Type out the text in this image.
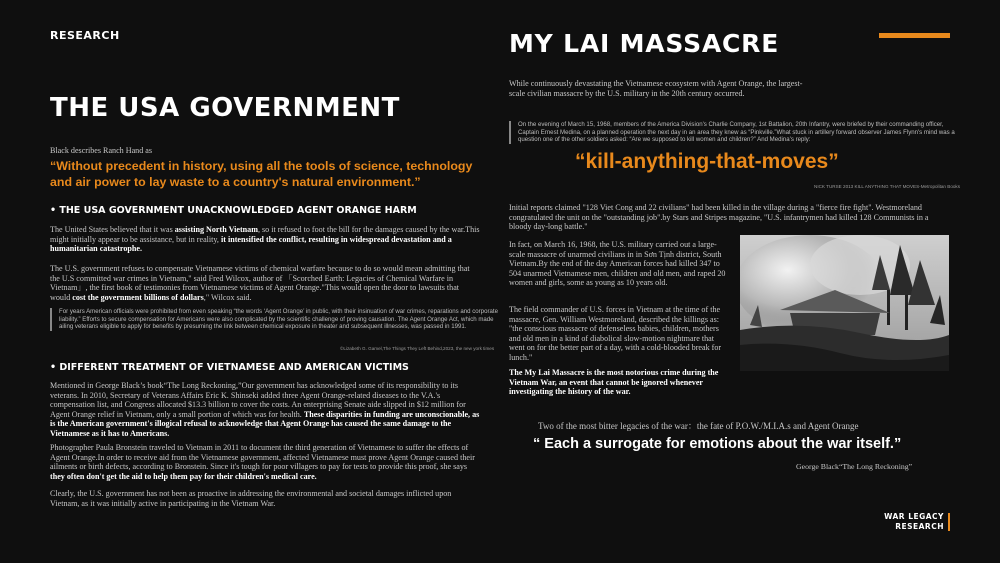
RESEARCH	MY LAI MASSACRE
THE USA GOVERNMENT
Black describes Ranch Hand as
“Without precedent in history, using all the tools of science, technology and air power to lay waste to a country's natural environment.”
• THE USA GOVERNMENT UNACKNOWLEDGED AGENT ORANGE HARM
The United States believed that it was assisting North Vietnam, so it refused to foot the bill for the damages caused by the war.This might initially appear to be assistance, but in reality, it intensified the conflict, resulting in widespread devastation and a humanitarian catastrophe.
The U.S. government refuses to compensate Vietnamese victims of chemical warfare because to do so would mean admitting that the U.S committed war crimes in Vietnam," said Fred Wilcox, author of 「Scorched Earth: Legacies of Chemical Warfare in Vietnam」, the first book of testimonies from Vietnamese victims of Agent Orange."This would open the door to lawsuits that would cost the government billions of dollars," Wilcox said.
For years American officials were prohibited from even speaking “the words ‘Agent Orange’ in public, with their insinuation of war crimes, reparations and corporate liability.” Efforts to secure compensation for Americans were also complicated by the scientific challenge of proving causation. The Agent Orange Act, which made ailing veterans eligible to apply for benefits by presuming the link between chemical exposure in theater and subsequent illnesses, was passed in 1991.
©Lizabeth G. Gamel,The Things They Left Behind,2023, the new york times
• DIFFERENT TREATMENT OF VIETNAMESE AND AMERICAN VICTIMS
Mentioned in George Black’s book“The Long Reckoning,”Our government has acknowledged some of its responsibility to its veterans. In 2010, Secretary of Veterans Affairs Eric K. Shinseki added three Agent Orange-related diseases to the V.A.'s compensation list, and Congress allocated $13.3 billion to cover the costs. An enterprising Senate aide slipped in $12 million for Agent Orange relief in Vietnam, only a small portion of which was for health. These disparities in funding are unconscionable, as is the American government's illogical refusal to acknowledge that Agent Orange has caused the same damage to the Vietnamese as it has to Americans.
Photographer Paula Bronstein traveled to Vietnam in 2011 to document the third generation of Vietnamese to suffer the effects of Agent Orange.In order to receive aid from the Vietnamese government, affected Vietnamese must prove Agent Orange caused their ailments or birth defects, according to Bronstein. Since it's tough for poor villagers to pay for tests to provide this proof, she says they often don't get the aid to help them pay for their children's medical care.
Clearly, the U.S. government has not been as proactive in addressing the environmental and societal damages inflicted upon Vietnam, as it was initially active in participating in the Vietnam War.
While continuously devastating the Vietnamese ecosystem with Agent Orange, the largest-scale civilian massacre by the U.S. military in the 20th century occurred.
On the evening of March 15, 1968, members of the America Division's Charlie Company, 1st Battalion, 20th Infantry, were briefed by their commanding officer, Captain Ernest Medina, on a planned operation the next day in an area they knew as “Pinkville.”What stuck in artillery forward observer James Flynn's mind was a question one of the other soldiers asked: “Are we supposed to kill women and children?” And Medina's reply:
“kill-anything-that-moves”
NICK TURSE 2013 KILL ANYTHING THAT MOVES-Metropolitan Books
Initial reports claimed "128 Viet Cong and 22 civilians" had been killed in the village during a "fierce fire fight". Westmoreland congratulated the unit on the "outstanding job".by Stars and Stripes magazine, "U.S. infantrymen had killed 128 Communists in a bloody day-long battle."
In fact, on March 16, 1968, the U.S. military carried out a large-scale massacre of unarmed civilians in in Sơn Tịnh district, South Vietnam.By the end of the day American forces had killed 347 to 504 unarmed Vietnamese men, children and old men, and raped 20 women and girls, some as young as 10 years old.
The field commander of U.S. forces in Vietnam at the time of the massacre, Gen. William Westmoreland, described the killings as: "the conscious massacre of defenseless babies, children, mothers and old men in a kind of diabolical slow-motion nightmare that went on for the better part of a day, with a cold-blooded break for lunch."
The My Lai Massacre is the most notorious crime during the Vietnam War, an event that cannot be ignored whenever investigating the history of the war.
Two of the most bitter legacies of the war：the fate of P.O.W./M.I.A.s and Agent Orange
“ Each a surrogate for emotions about the war itself.”
George Black“The Long Reckoning”
WAR LEGACY
RESEARCH
